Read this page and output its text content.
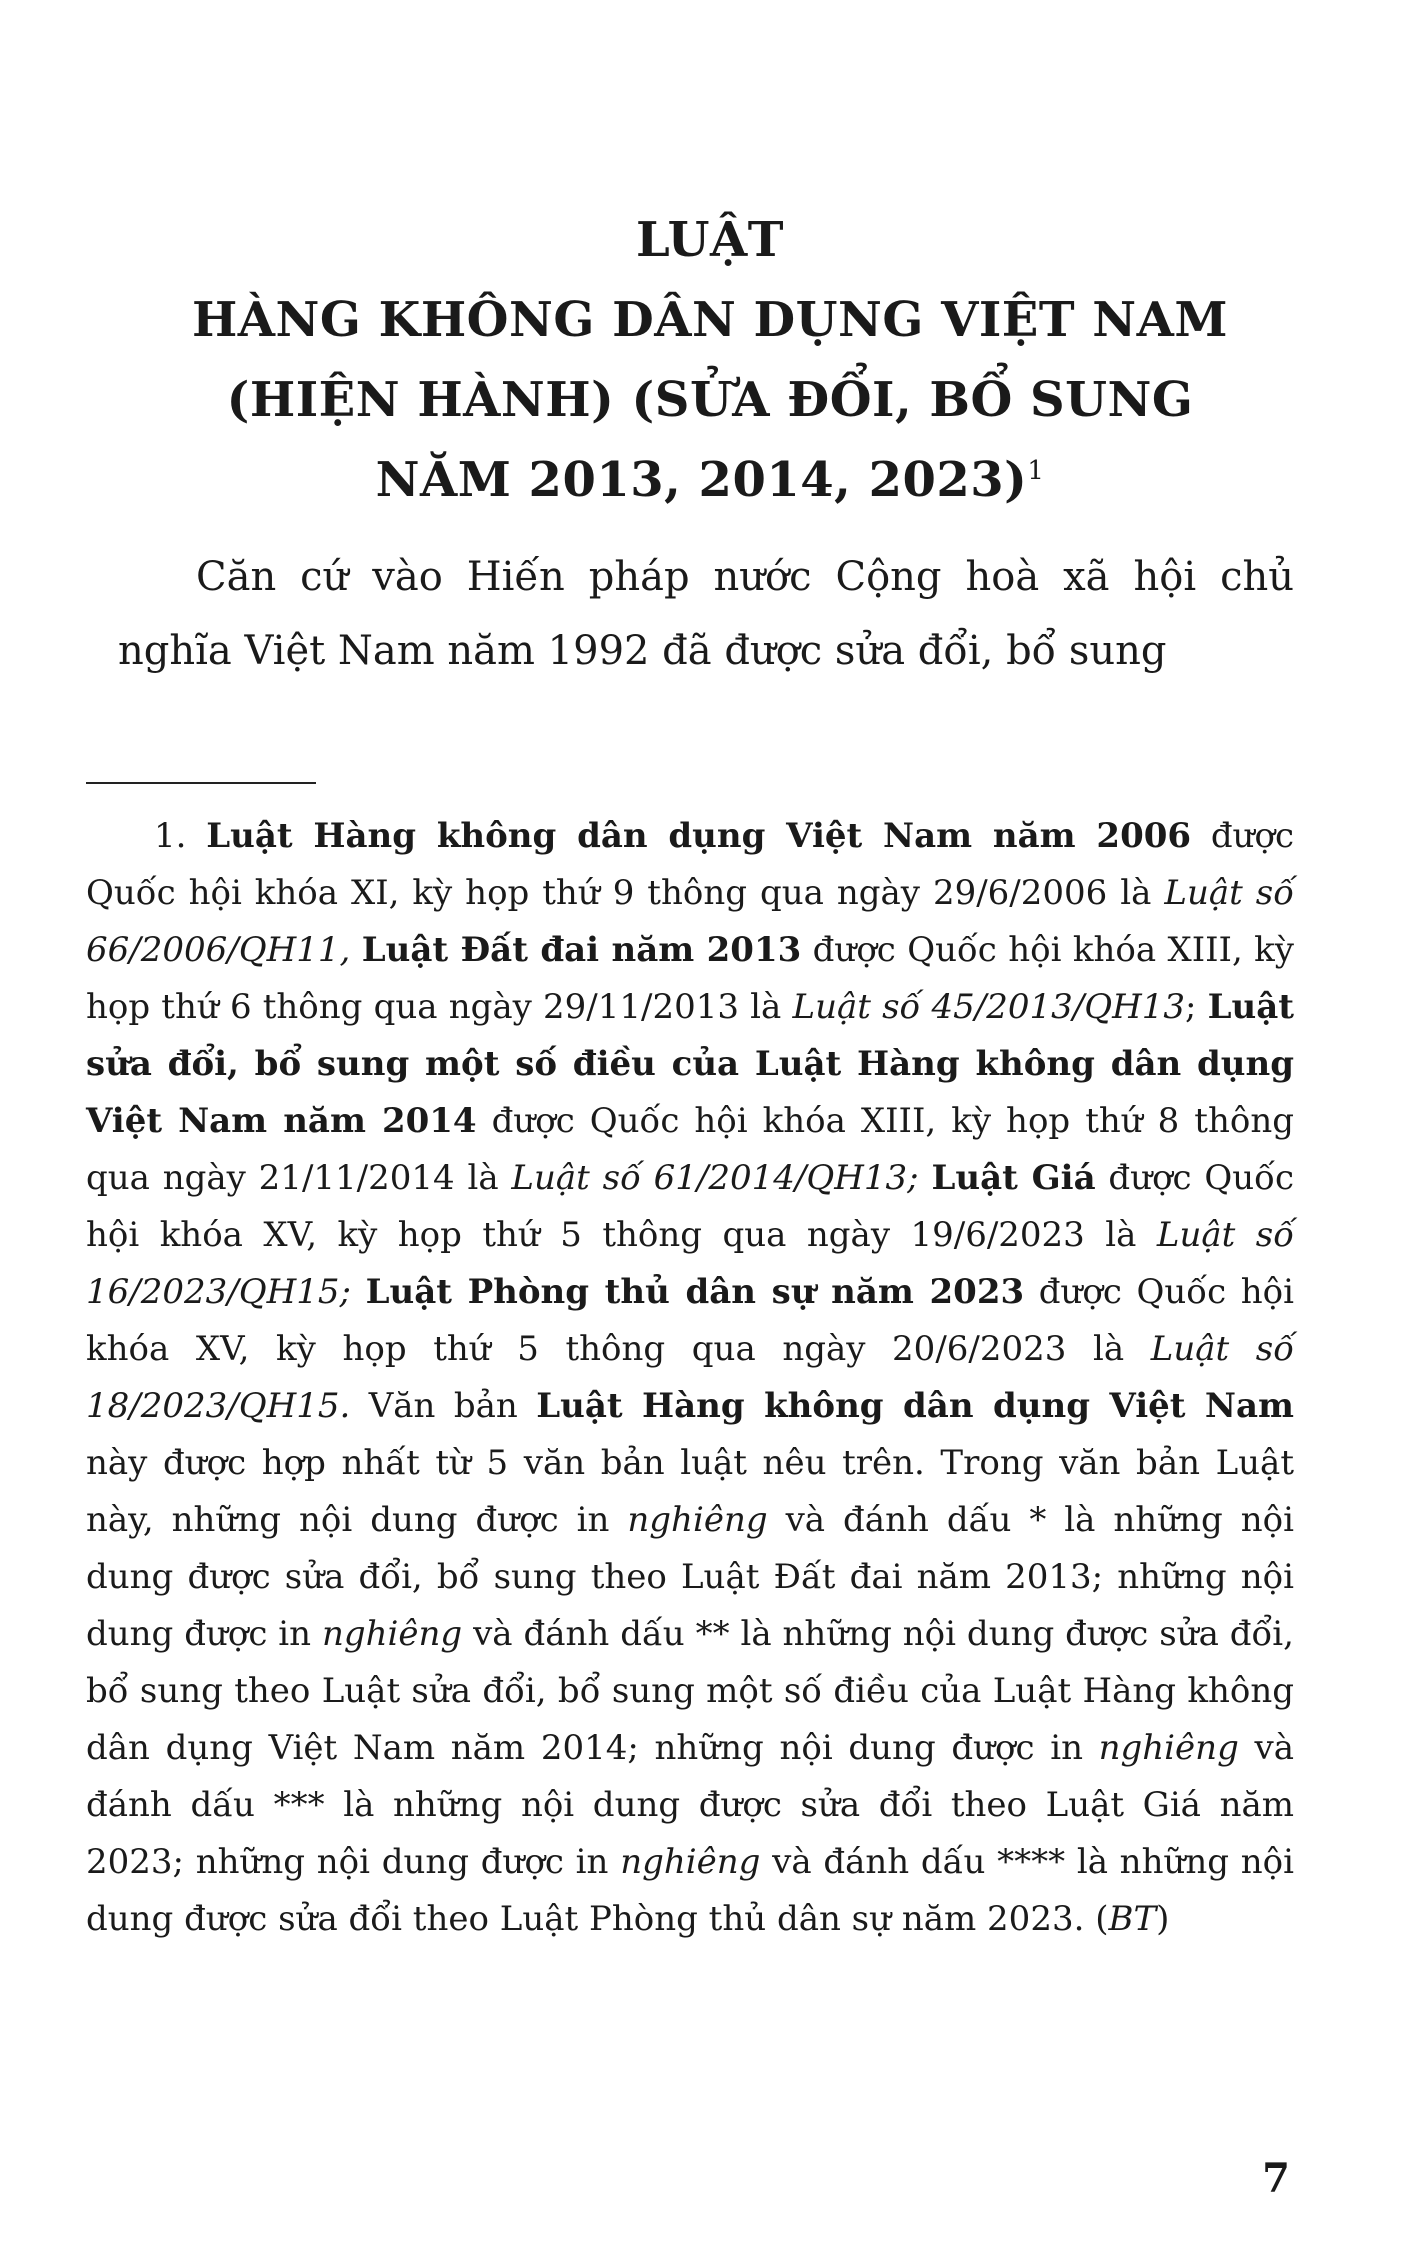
LUẬT
HÀNG KHÔNG DÂN DỤNG VIỆT NAM
(HIỆN HÀNH) (SỬA ĐỔI, BỔ SUNG
NĂM 2013, 2014, 2023)$^1$

Căn cứ vào Hiến pháp nước Cộng hoà xã hội chủ nghĩa Việt Nam năm 1992 đã được sửa đổi, bổ sung

1. Luật Hàng không dân dụng Việt Nam năm 2006 được Quốc hội khóa XI, kỳ họp thứ 9 thông qua ngày 29/6/2006 là Luật số 66/2006/QH11, Luật Đất đai năm 2013 được Quốc hội khóa XIII, kỳ họp thứ 6 thông qua ngày 29/11/2013 là Luật số 45/2013/QH13; Luật sửa đổi, bổ sung một số điều của Luật Hàng không dân dụng Việt Nam năm 2014 được Quốc hội khóa XIII, kỳ họp thứ 8 thông qua ngày 21/11/2014 là Luật số 61/2014/QH13; Luật Giá được Quốc hội khóa XV, kỳ họp thứ 5 thông qua ngày 19/6/2023 là Luật số 16/2023/QH15; Luật Phòng thủ dân sự năm 2023 được Quốc hội khóa XV, kỳ họp thứ 5 thông qua ngày 20/6/2023 là Luật số 18/2023/QH15. Văn bản Luật Hàng không dân dụng Việt Nam này được hợp nhất từ 5 văn bản luật nêu trên. Trong văn bản Luật này, những nội dung được in nghiêng và đánh dấu * là những nội dung được sửa đổi, bổ sung theo Luật Đất đai năm 2013; những nội dung được in nghiêng và đánh dấu ** là những nội dung được sửa đổi, bổ sung theo Luật sửa đổi, bổ sung một số điều của Luật Hàng không dân dụng Việt Nam năm 2014; những nội dung được in nghiêng và đánh dấu *** là những nội dung được sửa đổi theo Luật Giá năm 2023; những nội dung được in nghiêng và đánh dấu **** là những nội dung được sửa đổi theo Luật Phòng thủ dân sự năm 2023. (BT)

7
